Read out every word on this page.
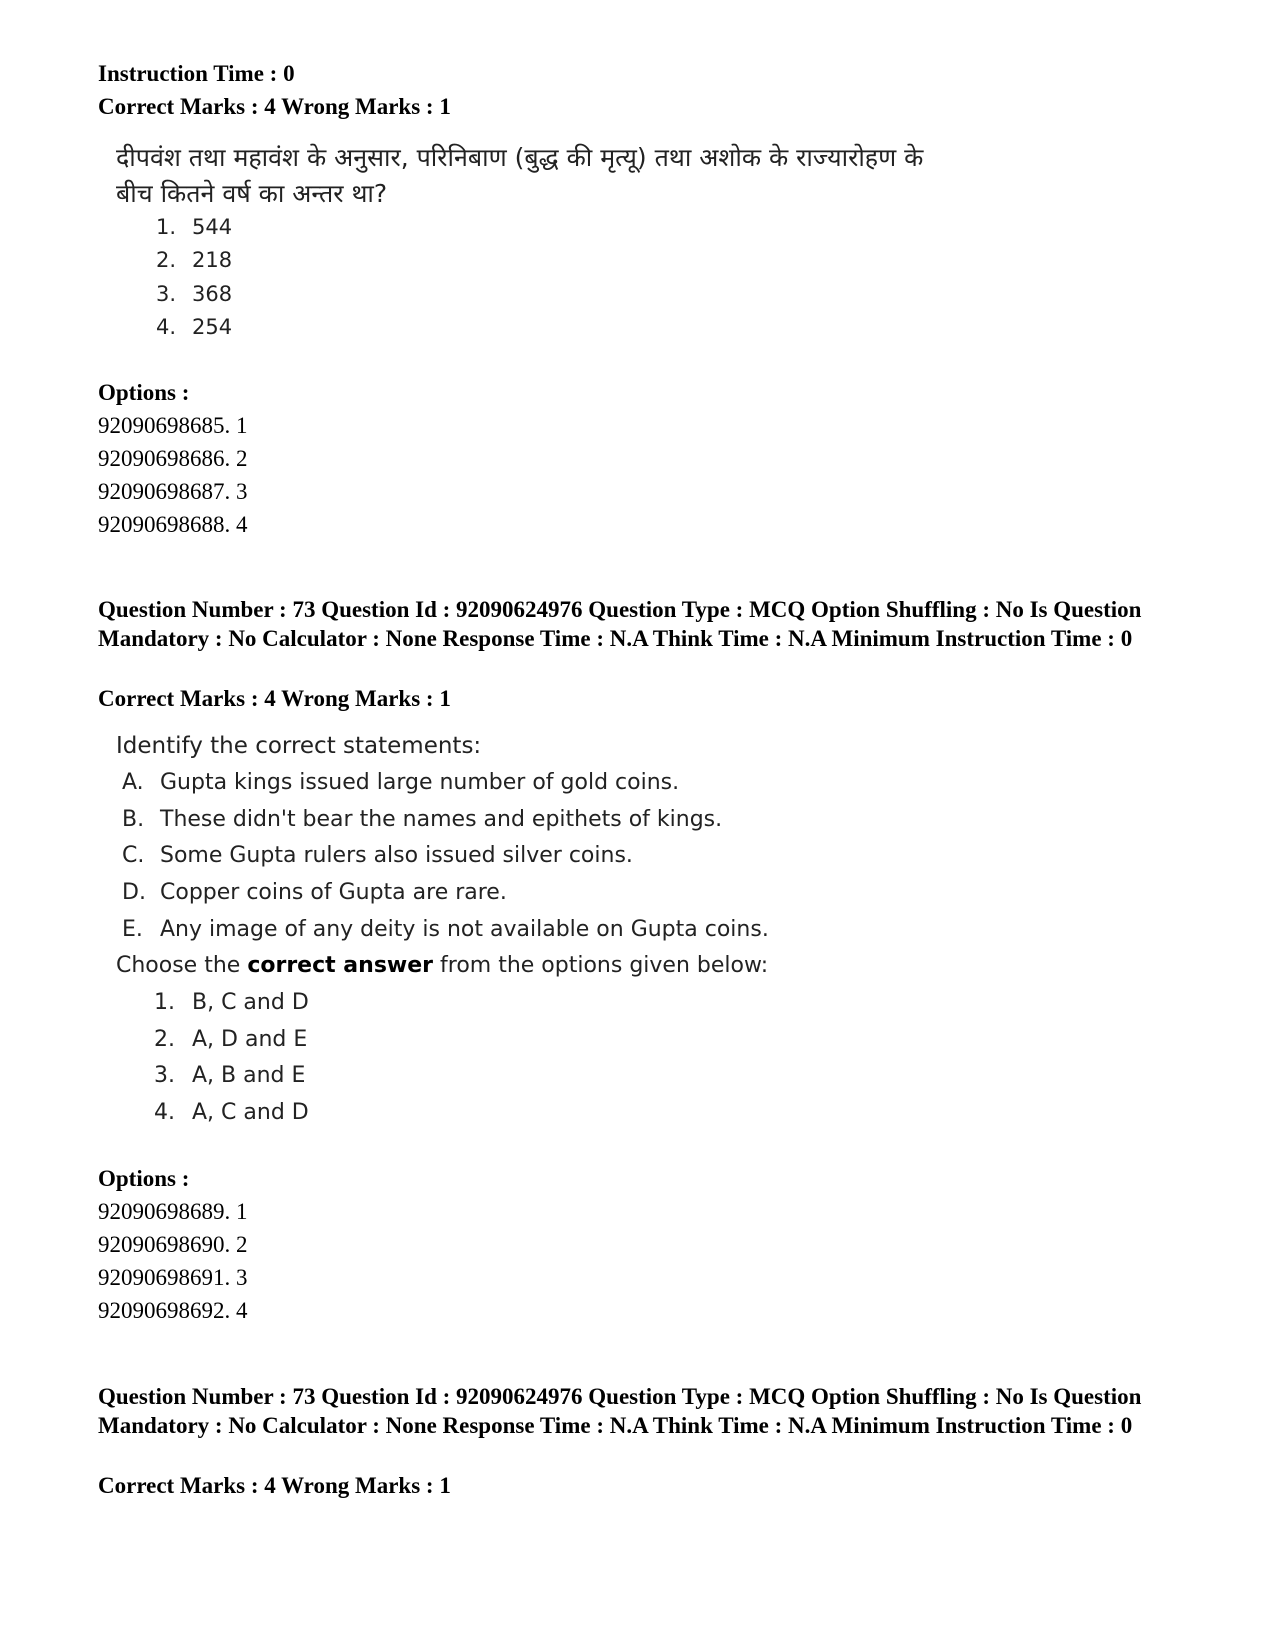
Instruction Time : 0
Correct Marks : 4 Wrong Marks : 1
दीपवंश तथा महावंश के अनुसार, परिनिबाण (बुद्ध की मृत्यू) तथा अशोक के राज्यारोहण के
बीच कितने वर्ष का अन्तर था?
1. 544
2. 218
3. 368
4. 254
Options :
92090698685. 1
92090698686. 2
92090698687. 3
92090698688. 4
Question Number : 73 Question Id : 92090624976 Question Type : MCQ Option Shuffling : No Is Question Mandatory : No Calculator : None Response Time : N.A Think Time : N.A Minimum Instruction Time : 0
Correct Marks : 4 Wrong Marks : 1
Identify the correct statements:
A. Gupta kings issued large number of gold coins.
B. These didn't bear the names and epithets of kings.
C. Some Gupta rulers also issued silver coins.
D. Copper coins of Gupta are rare.
E. Any image of any deity is not available on Gupta coins.
Choose the correct answer from the options given below:
1. B, C and D
2. A, D and E
3. A, B and E
4. A, C and D
Options :
92090698689. 1
92090698690. 2
92090698691. 3
92090698692. 4
Question Number : 73 Question Id : 92090624976 Question Type : MCQ Option Shuffling : No Is Question Mandatory : No Calculator : None Response Time : N.A Think Time : N.A Minimum Instruction Time : 0
Correct Marks : 4 Wrong Marks : 1
